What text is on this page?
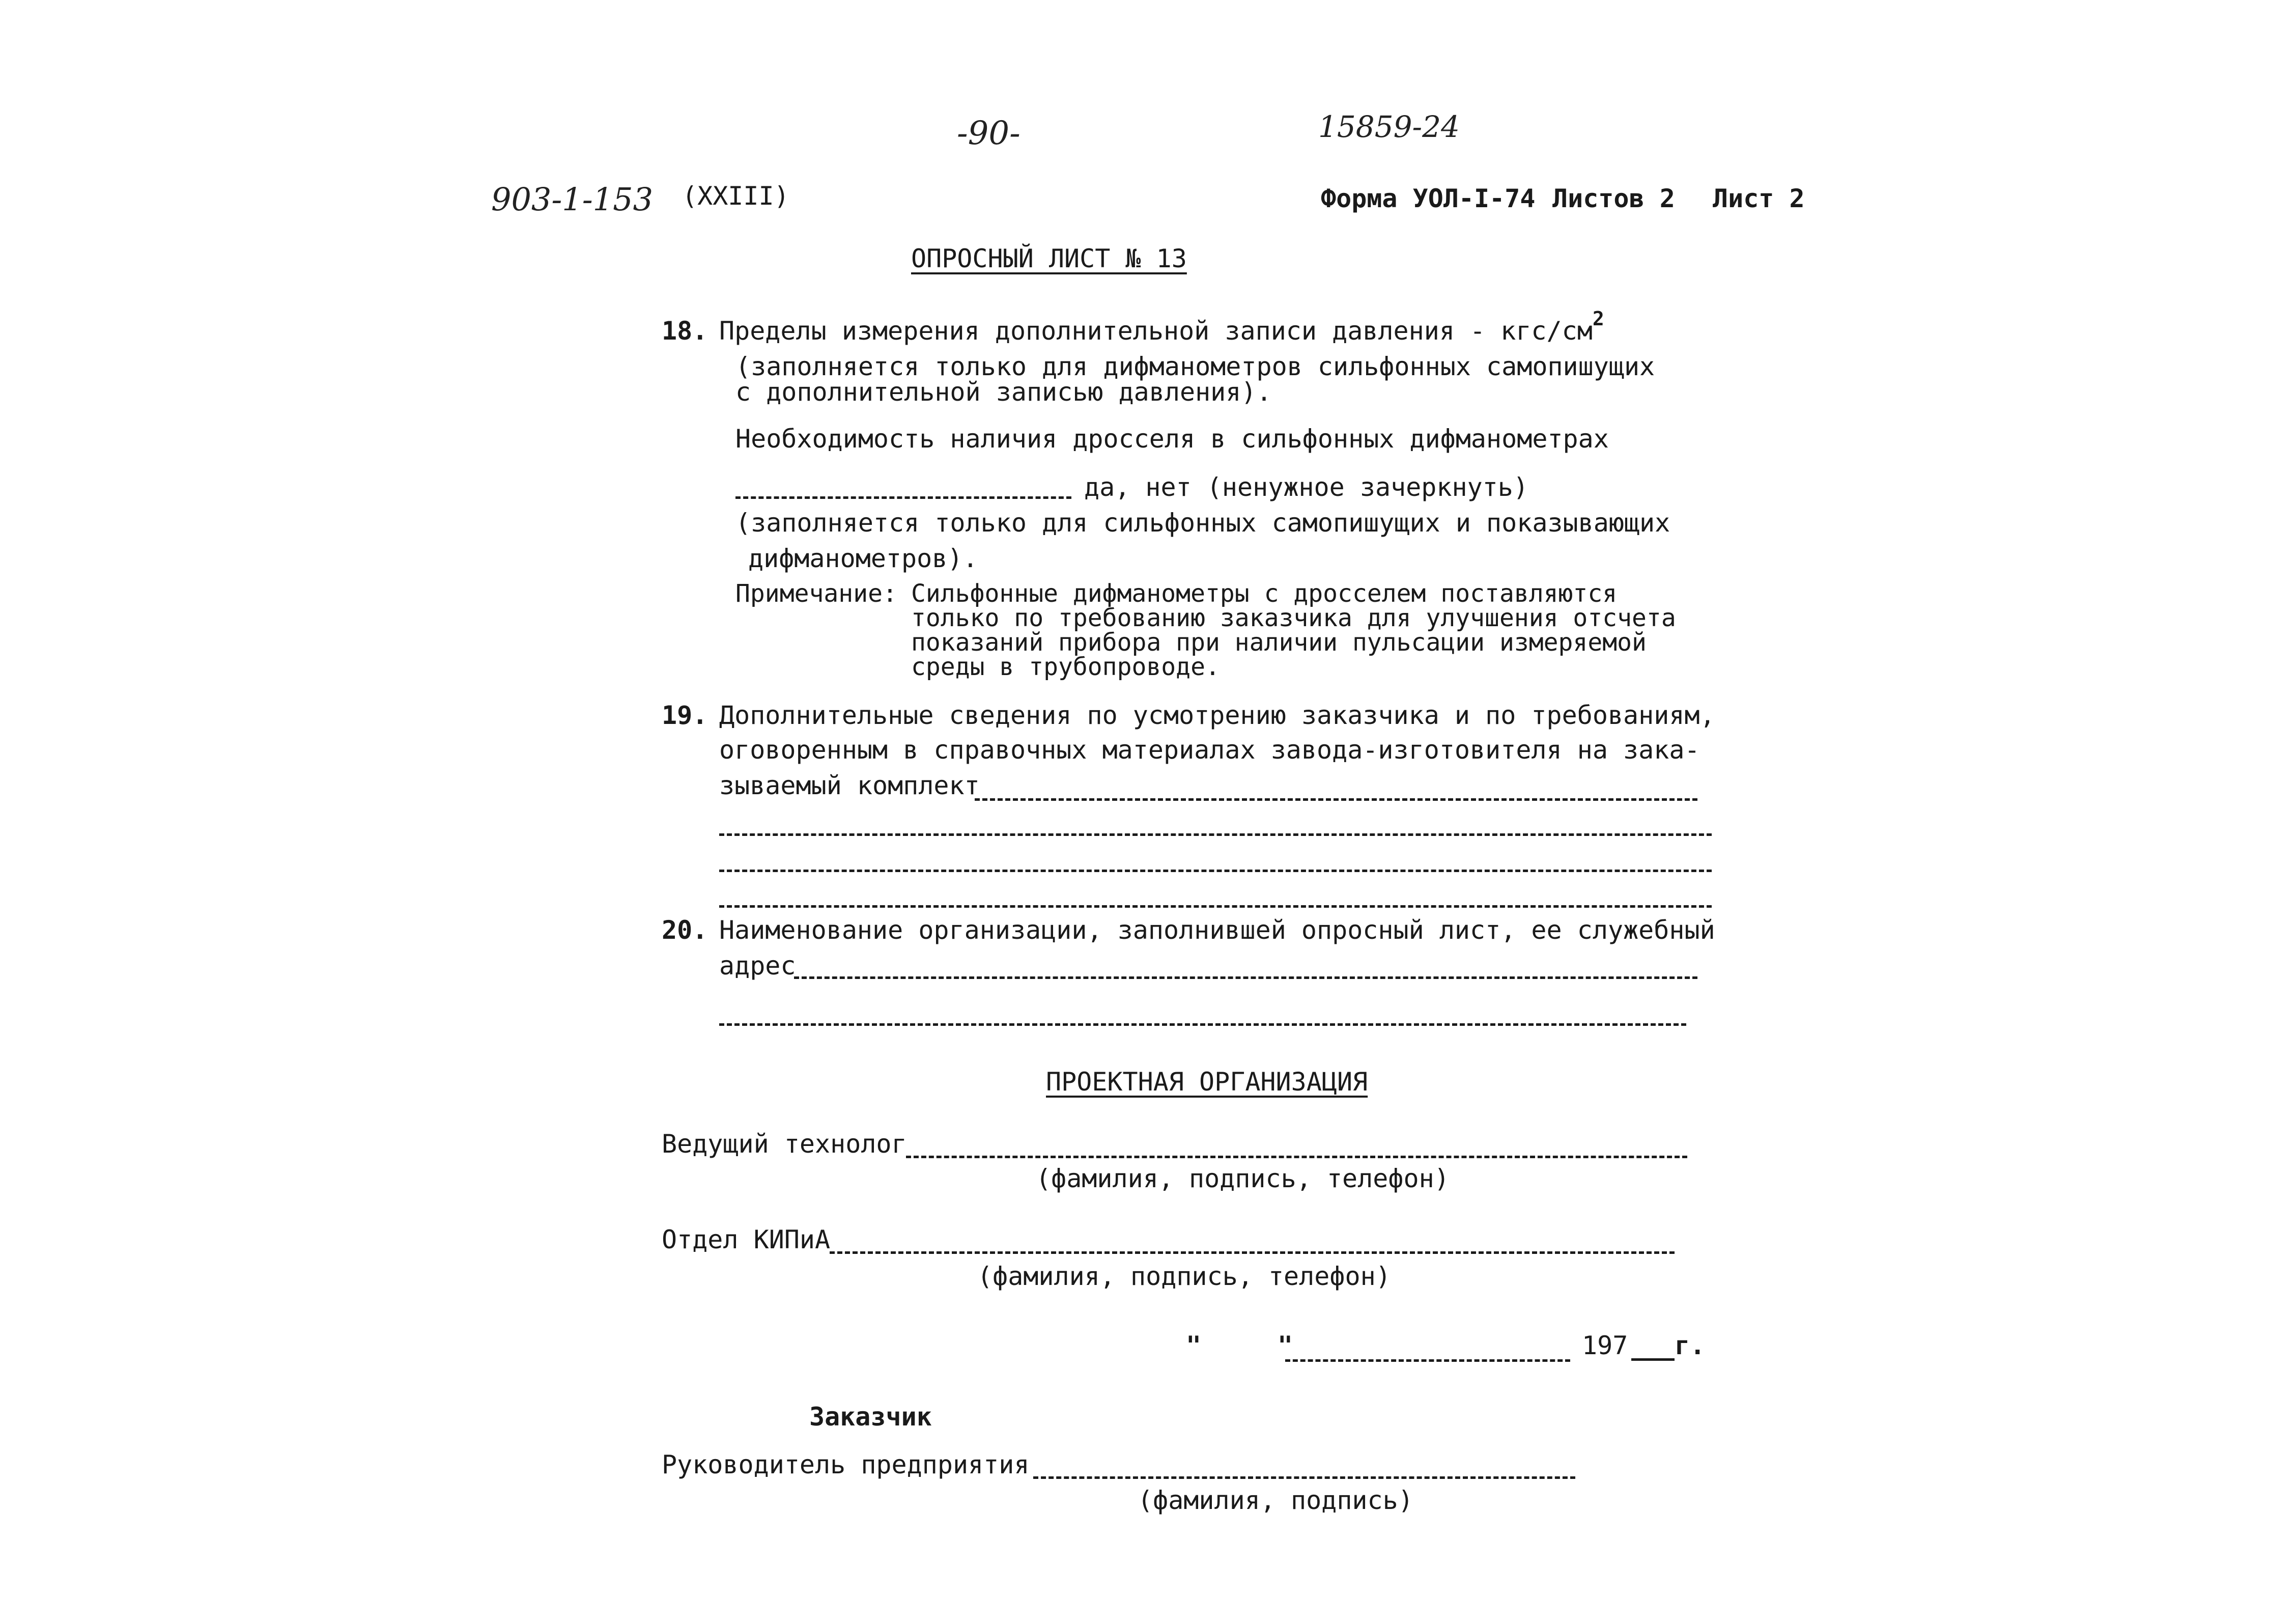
-90-	15859-24
903-1-153 (XXIII)	Форма УОЛ-I-74 Листов 2 Лист 2
ОПРОСНЫЙ ЛИСТ № 13
18. Пределы измерения дополнительной записи давления - кгс/$см^2$
(заполняется только для дифманометров сильфонных самопишущих
с дополнительной записью давления).
Необходимость наличия дросселя в сильфонных дифманометрах
да, нет (ненужное зачеркнуть)
(заполняется только для сильфонных самопишущих и показывающих
дифманометров).
Примечание: Сильфонные дифманометры с дросселем поставляются
только по требованию заказчика для улучшения отсчета
показаний прибора при наличии пульсации измеряемой
среды в трубопроводе.
19. Дополнительные сведения по усмотрению заказчика и по требованиям,
оговоренным в справочных материалах завода-изготовителя на зака-
зываемый комплект
20. Наименование организации, заполнившей опросный лист, ее служебный
адрес
ПРОЕКТНАЯ ОРГАНИЗАЦИЯ
Ведущий технолог
(фамилия, подпись, телефон)
Отдел КИПиА
(фамилия, подпись, телефон)
"	"	197 г.
Заказчик
Руководитель предприятия
(фамилия, подпись)
